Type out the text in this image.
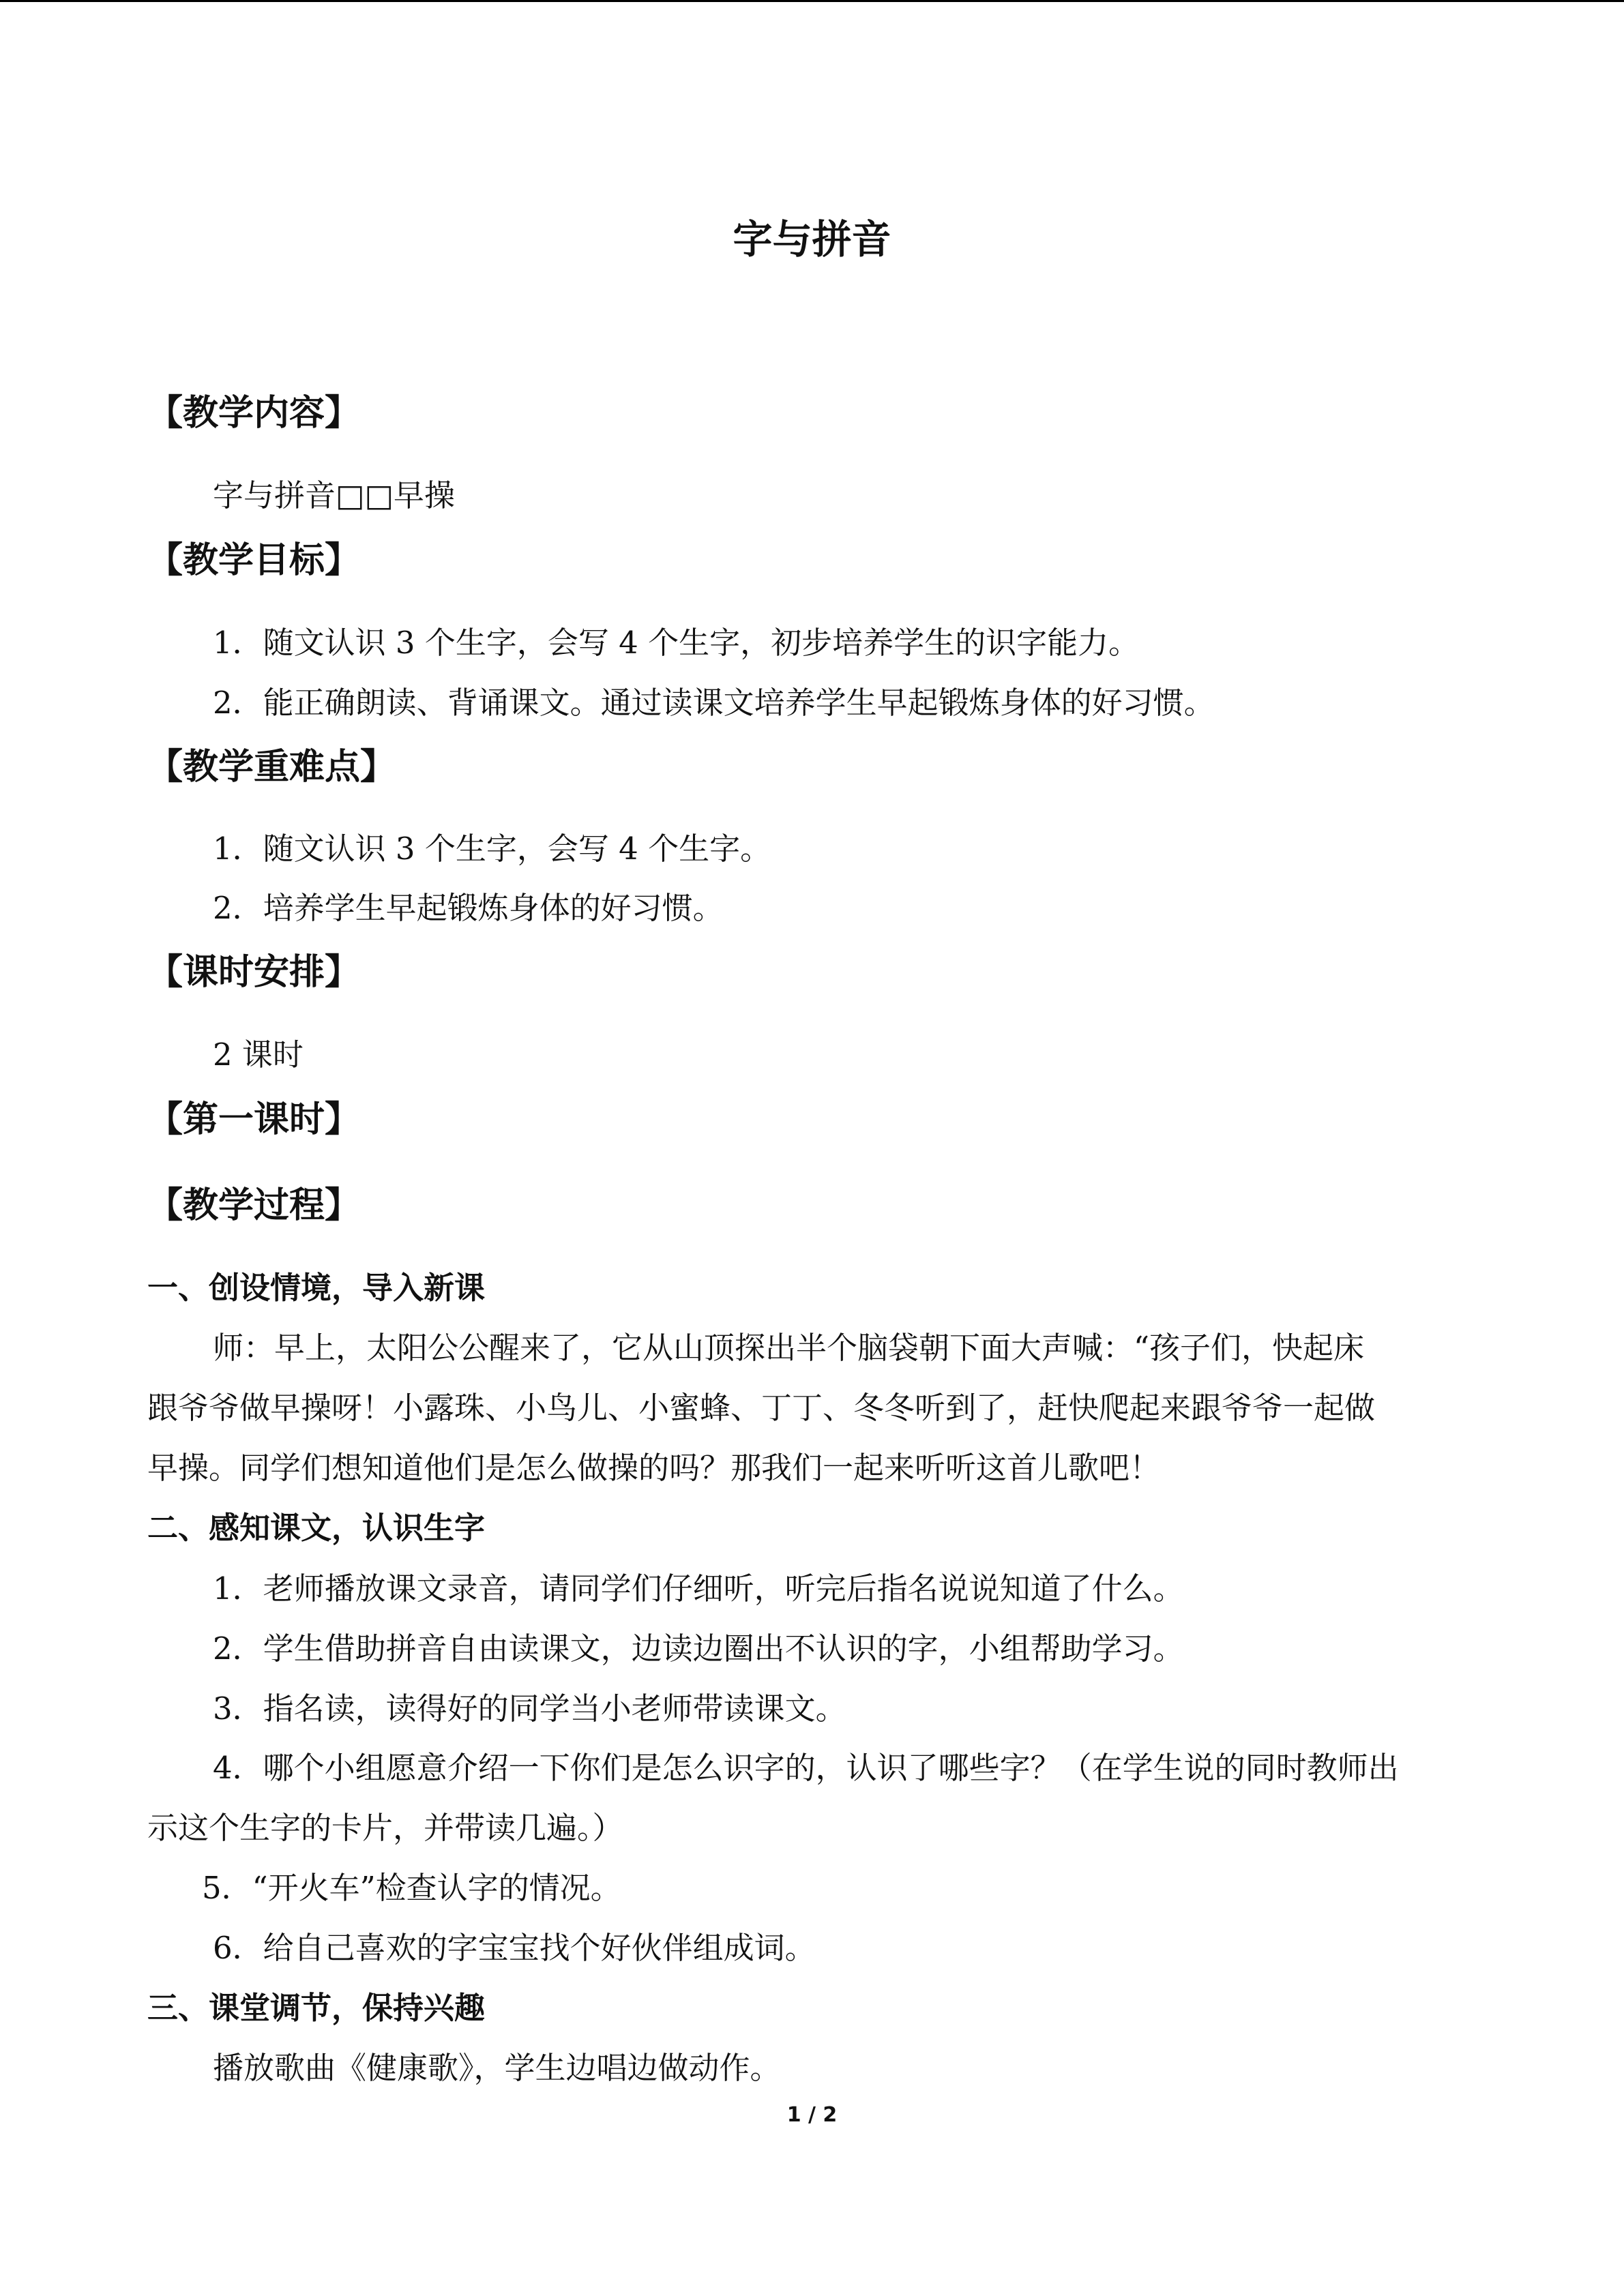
字与拼音
【教学内容】
字与拼音□□早操
【教学目标】
1．随文认识 3 个生字，会写 4 个生字，初步培养学生的识字能力。
2．能正确朗读、背诵课文。通过读课文培养学生早起锻炼身体的好习惯。
【教学重难点】
1．随文认识 3 个生字，会写 4 个生字。
2．培养学生早起锻炼身体的好习惯。
【课时安排】
2 课时
【第一课时】
【教学过程】
一、创设情境，导入新课
师：早上，太阳公公醒来了，它从山顶探出半个脑袋朝下面大声喊：“孩子们，快起床
跟爷爷做早操呀！小露珠、小鸟儿、小蜜蜂、丁丁、冬冬听到了，赶快爬起来跟爷爷一起做
早操。同学们想知道他们是怎么做操的吗？那我们一起来听听这首儿歌吧！
二、感知课文，认识生字
1．老师播放课文录音，请同学们仔细听，听完后指名说说知道了什么。
2．学生借助拼音自由读课文，边读边圈出不认识的字，小组帮助学习。
3．指名读，读得好的同学当小老师带读课文。
4．哪个小组愿意介绍一下你们是怎么识字的，认识了哪些字？（在学生说的同时教师出
示这个生字的卡片，并带读几遍。）
5．“开火车”检查认字的情况。
6．给自己喜欢的字宝宝找个好伙伴组成词。
三、课堂调节，保持兴趣
播放歌曲《健康歌》，学生边唱边做动作。
1 / 2
